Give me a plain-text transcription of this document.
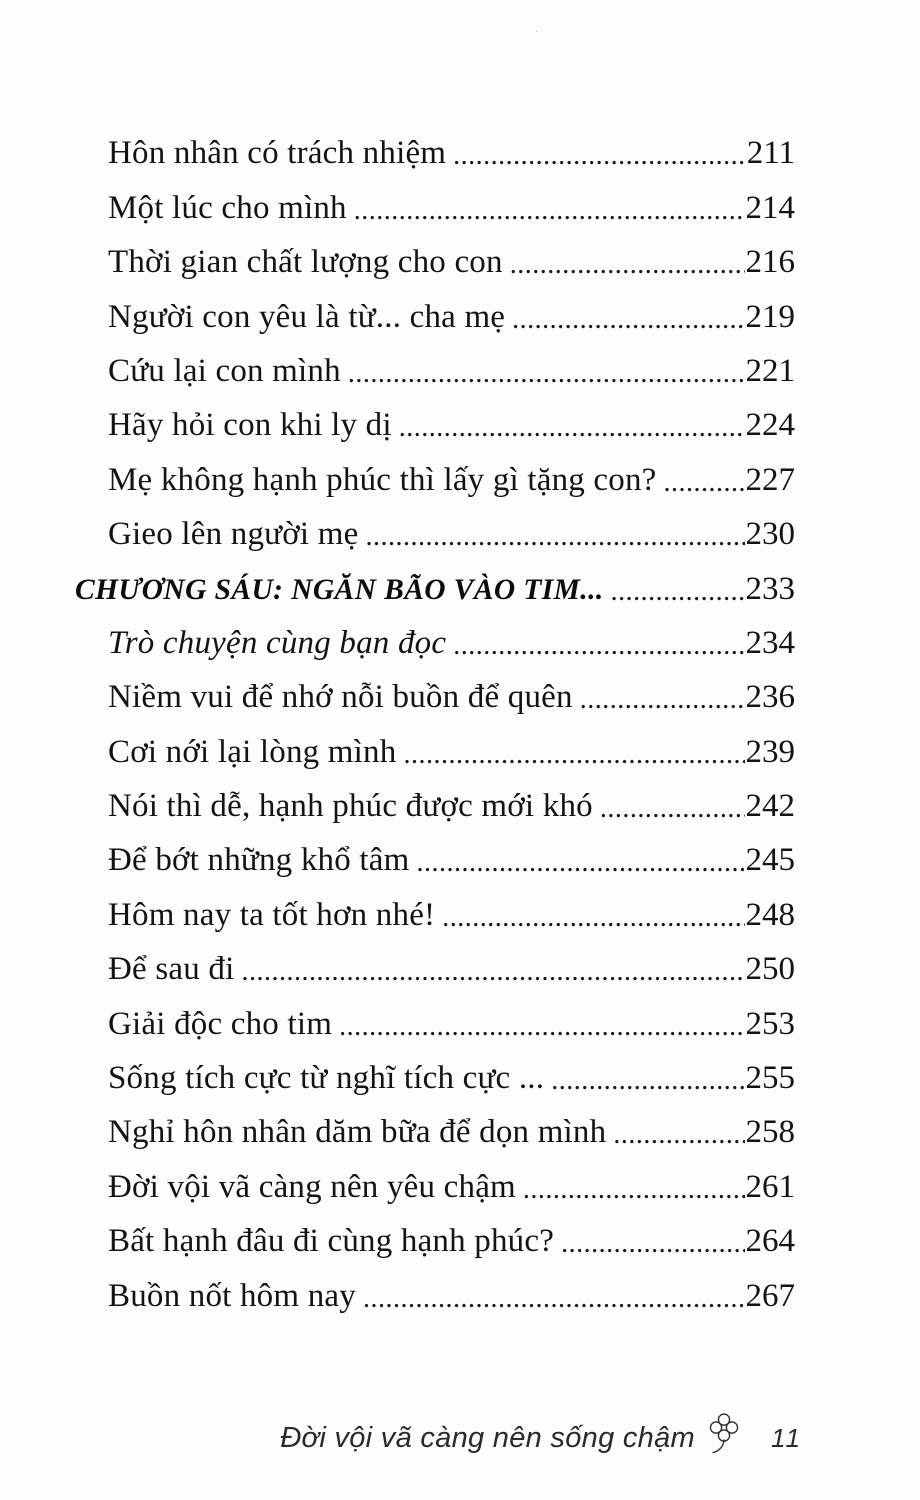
Hôn nhân có trách nhiệm .....	211
Một lúc cho mình .....	214
Thời gian chất lượng cho con .....	216
Người con yêu là từ... cha mẹ .....	219
Cứu lại con mình .....	221
Hãy hỏi con khi ly dị .....	224
Mẹ không hạnh phúc thì lấy gì tặng con? .....	227
Gieo lên người mẹ .....	230
CHƯƠNG SÁU: NGĂN BÃO VÀO TIM... .....	233
Trò chuyện cùng bạn đọc .....	234
Niềm vui để nhớ nỗi buồn để quên .....	236
Cơi nới lại lòng mình .....	239
Nói thì dễ, hạnh phúc được mới khó .....	242
Để bớt những khổ tâm .....	245
Hôm nay ta tốt hơn nhé! .....	248
Để sau đi .....	250
Giải độc cho tim .....	253
Sống tích cực từ nghĩ tích cực ... .....	255
Nghỉ hôn nhân dăm bữa để dọn mình .....	258
Đời vội vã càng nên yêu chậm .....	261
Bất hạnh đâu đi cùng hạnh phúc? .....	264
Buồn nốt hôm nay .....	267
Đời vội vã càng nên sống chậm	11
